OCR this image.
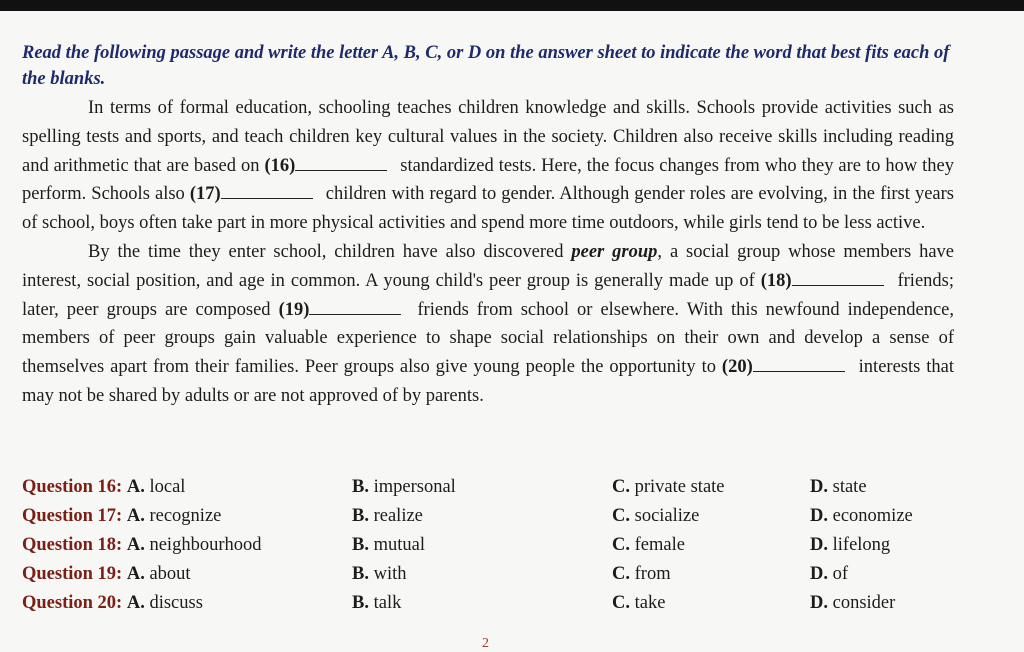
Read the following passage and write the letter A, B, C, or D on the answer sheet to indicate the word that best fits each of the blanks.

In terms of formal education, schooling teaches children knowledge and skills. Schools provide activities such as spelling tests and sports, and teach children key cultural values in the society. Children also receive skills including reading and arithmetic that are based on (16)	standardized tests. Here, the focus changes from who they are to how they perform. Schools also (17)	children with regard to gender. Although gender roles are evolving, in the first years of school, boys often take part in more physical activities and spend more time outdoors, while girls tend to be less active.

By the time they enter school, children have also discovered peer group, a social group whose members have interest, social position, and age in common. A young child's peer group is generally made up of (18)	friends; later, peer groups are composed (19)	friends from school or elsewhere. With this newfound independence, members of peer groups gain valuable experience to shape social relationships on their own and develop a sense of themselves apart from their families. Peer groups also give young people the opportunity to (20)	interests that may not be shared by adults or are not approved of by parents.

Question 16: A. local	B. impersonal	C. private state	D. state
Question 17: A. recognize	B. realize	C. socialize	D. economize
Question 18: A. neighbourhood	B. mutual	C. female	D. lifelong
Question 19: A. about	B. with	C. from	D. of
Question 20: A. discuss	B. talk	C. take	D. consider
2
